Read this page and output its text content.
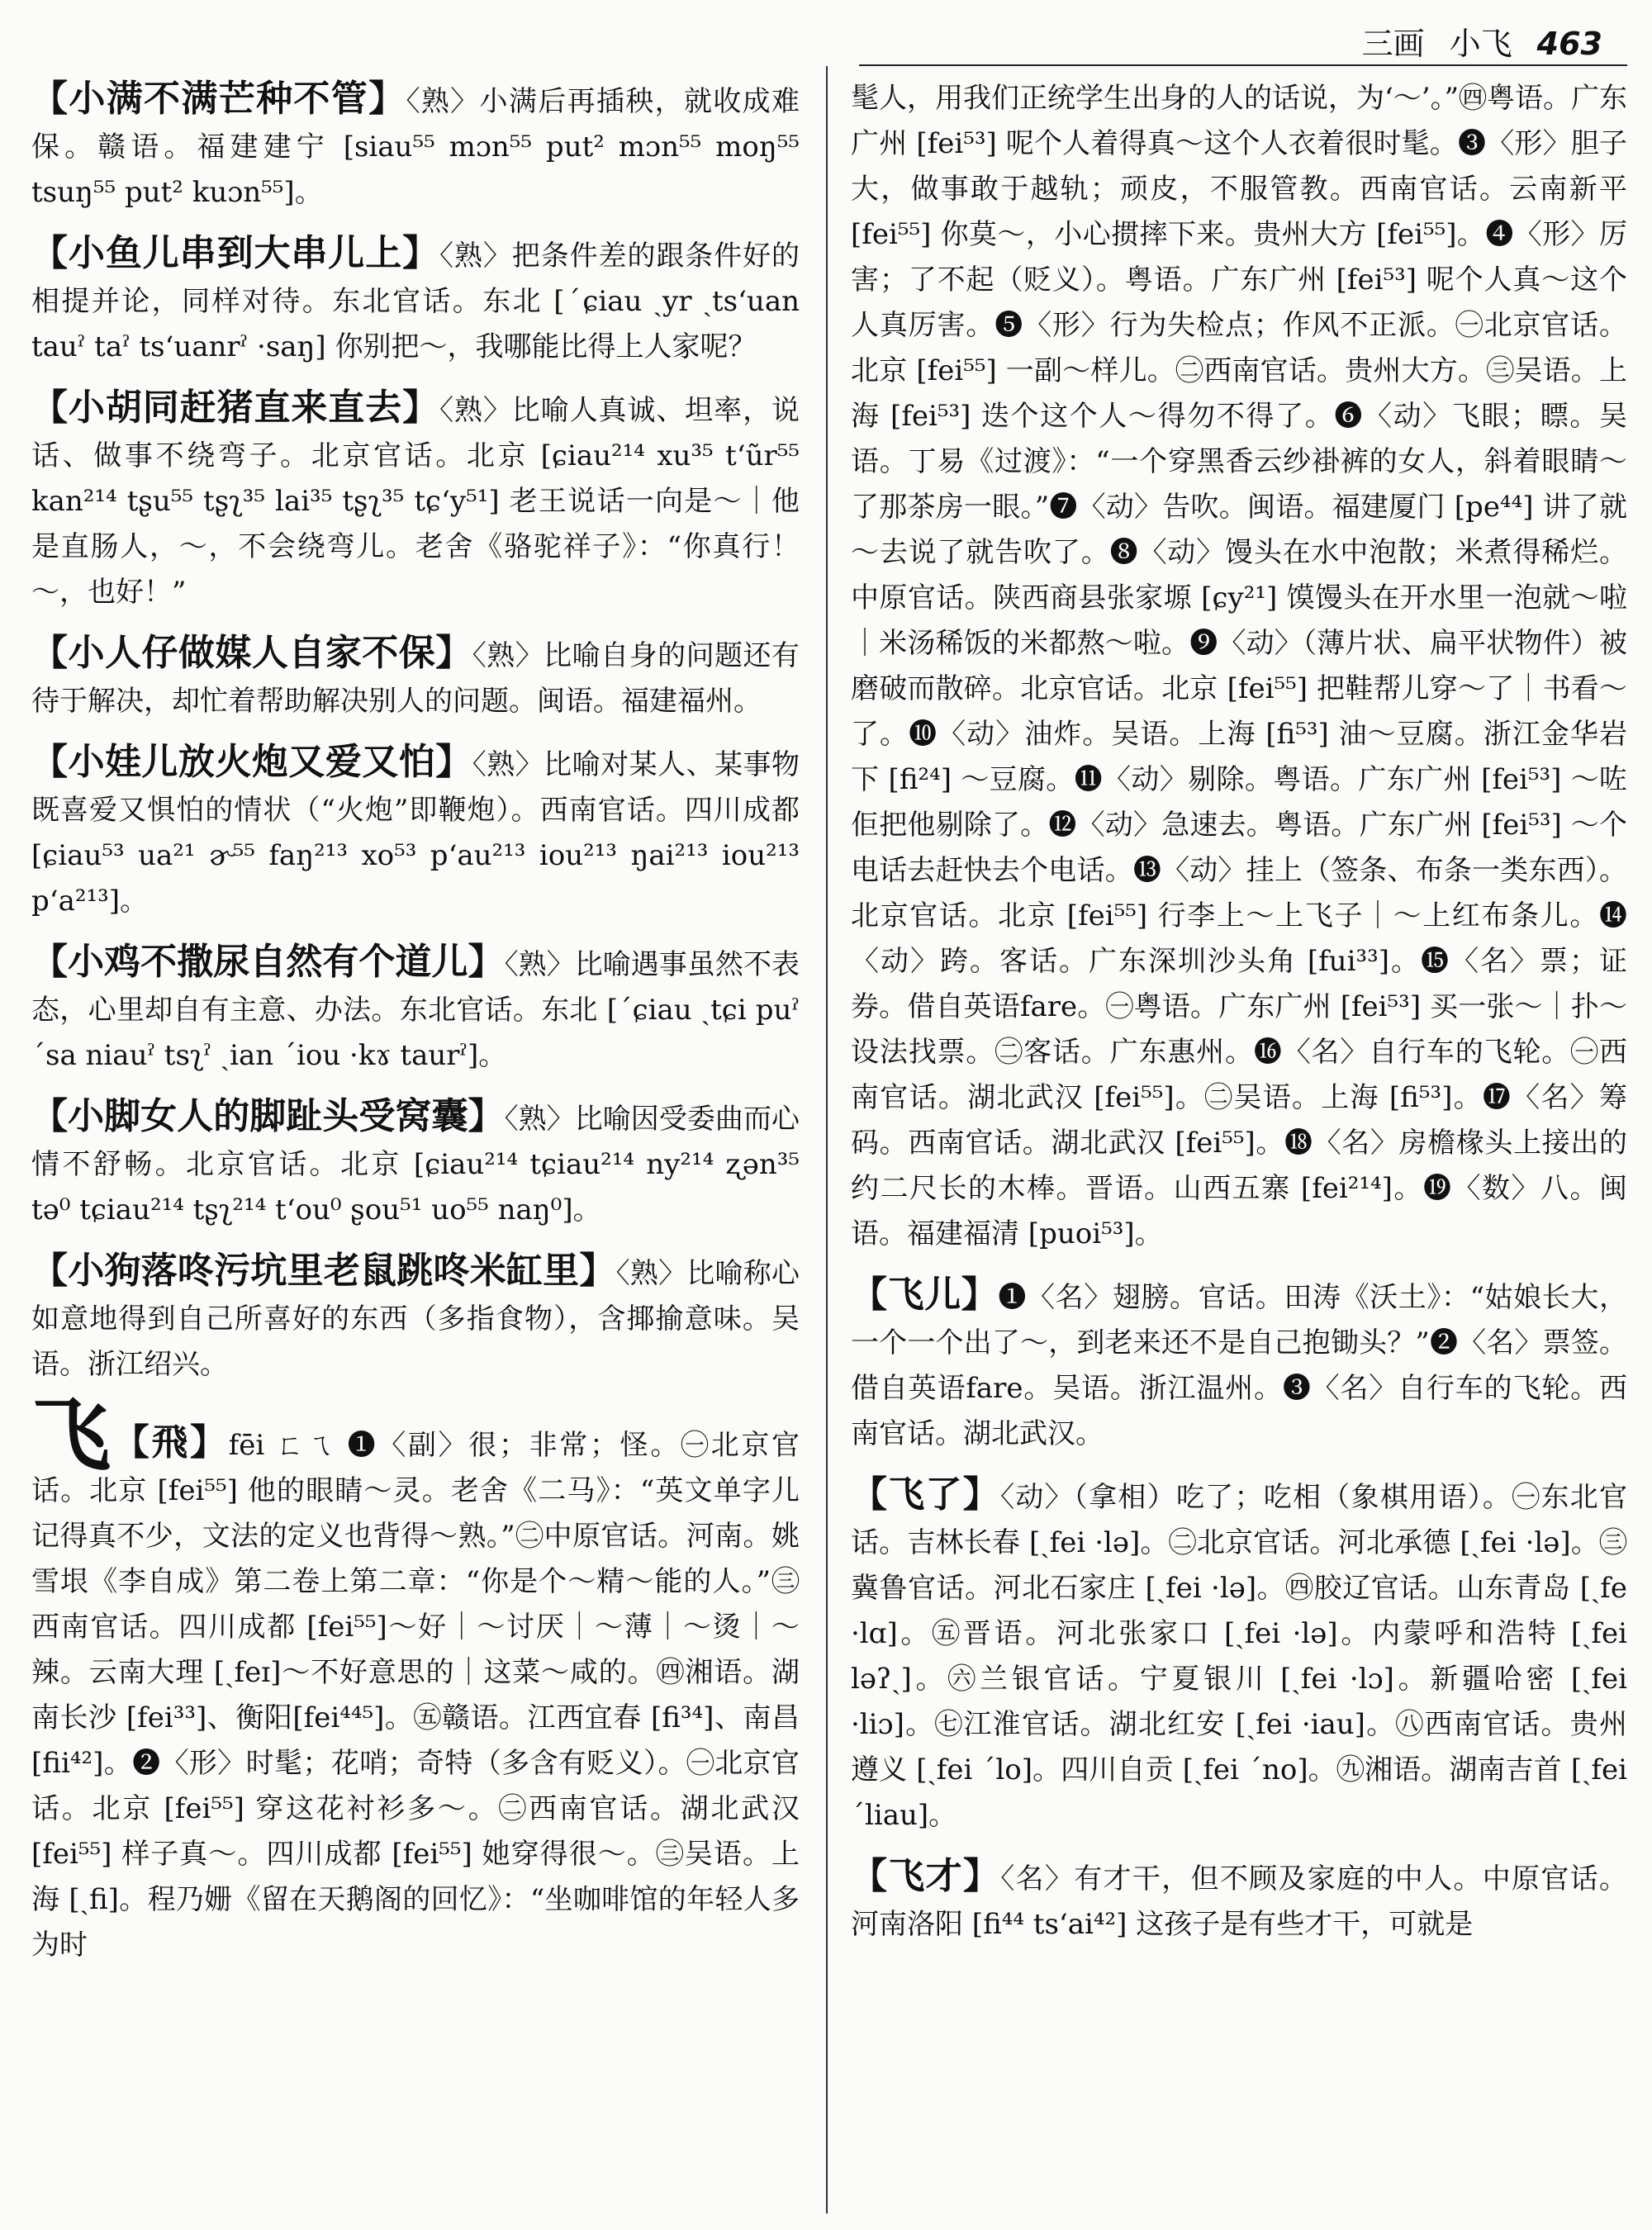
三画 小飞 463

【小满不满芒种不管】〈熟〉小满后再插秧，就收成难保。赣语。福建建宁 [siau⁵⁵ mɔn⁵⁵ put² mɔn⁵⁵ moŋ⁵⁵ tsuŋ⁵⁵ put² kuɔn⁵⁵]。

【小鱼儿串到大串儿上】〈熟〉把条件差的跟条件好的相提并论，同样对待。东北官话。东北 [ˊɕiau ˏyr ˏts‘uan tauˀ taˀ ts‘uanrˀ ·saŋ] 你别把～，我哪能比得上人家呢？

【小胡同赶猪直来直去】〈熟〉比喻人真诚、坦率，说话、做事不绕弯子。北京官话。北京 [ɕiau²¹⁴ xu³⁵ t‘ũr⁵⁵ kan²¹⁴ tʂu⁵⁵ tʂʅ³⁵ lai³⁵ tʂʅ³⁵ tɕ‘y⁵¹] 老王说话一向是～｜他是直肠人，～，不会绕弯儿。老舍《骆驼祥子》：“你真行！～，也好！”

【小人仔做媒人自家不保】〈熟〉比喻自身的问题还有待于解决，却忙着帮助解决别人的问题。闽语。福建福州。

【小娃儿放火炮又爱又怕】〈熟〉比喻对某人、某事物既喜爱又惧怕的情状（“火炮”即鞭炮）。西南官话。四川成都 [ɕiau⁵³ ua²¹ ɚ⁵⁵ faŋ²¹³ xo⁵³ p‘au²¹³ iou²¹³ ŋai²¹³ iou²¹³ p‘a²¹³]。

【小鸡不撒尿自然有个道儿】〈熟〉比喻遇事虽然不表态，心里却自有主意、办法。东北官话。东北 [ˊɕiau ˏtɕi puˀ ˊsa niauˀ tsʅˀ ˏian ˊiou ·kɤ taurˀ]。

【小脚女人的脚趾头受窝囊】〈熟〉比喻因受委曲而心情不舒畅。北京官话。北京 [ɕiau²¹⁴ tɕiau²¹⁴ ny²¹⁴ ʐən³⁵ tə⁰ tɕiau²¹⁴ tʂʅ²¹⁴ t‘ou⁰ ʂou⁵¹ uo⁵⁵ naŋ⁰]。

【小狗落咚污坑里老鼠跳咚米缸里】〈熟〉比喻称心如意地得到自己所喜好的东西（多指食物），含揶揄意味。吴语。浙江绍兴。

飞【飛】fēi ㄈㄟ ❶〈副〉很；非常；怪。㊀北京官话。北京 [fei⁵⁵] 他的眼睛～灵。老舍《二马》：“英文单字儿记得真不少，文法的定义也背得～熟。”㊁中原官话。河南。姚雪垠《李自成》第二卷上第二章：“你是个～精～能的人。”㊂西南官话。四川成都 [fei⁵⁵]～好｜～讨厌｜～薄｜～烫｜～辣。云南大理 [ˏfeɪ]～不好意思的｜这菜～咸的。㊃湘语。湖南长沙 [fei³³]、衡阳[fei⁴⁴⁵]。㊄赣语。江西宜春 [fi³⁴]、南昌 [fii⁴²]。❷〈形〉时髦；花哨；奇特（多含有贬义）。㊀北京官话。北京 [fei⁵⁵] 穿这花衬衫多～。㊁西南官话。湖北武汉 [fei⁵⁵] 样子真～。四川成都 [fei⁵⁵] 她穿得很～。㊂吴语。上海 [ˏfi]。程乃姗《留在天鹅阁的回忆》：“坐咖啡馆的年轻人多为时

髦人，用我们正统学生出身的人的话说，为‘～’。”㊃粤语。广东广州 [fei⁵³] 呢个人着得真～这个人衣着很时髦。❸〈形〉胆子大，做事敢于越轨；顽皮，不服管教。西南官话。云南新平 [fei⁵⁵] 你莫～，小心掼摔下来。贵州大方 [fei⁵⁵]。❹〈形〉厉害；了不起（贬义）。粤语。广东广州 [fei⁵³] 呢个人真～这个人真厉害。❺〈形〉行为失检点；作风不正派。㊀北京官话。北京 [fei⁵⁵] 一副～样儿。㊁西南官话。贵州大方。㊂吴语。上海 [fei⁵³] 迭个这个人～得勿不得了。❻〈动〉飞眼；瞟。吴语。丁易《过渡》：“一个穿黑香云纱褂裤的女人，斜着眼睛～了那茶房一眼。”❼〈动〉告吹。闽语。福建厦门 [pe⁴⁴] 讲了就～去说了就告吹了。❽〈动〉馒头在水中泡散；米煮得稀烂。中原官话。陕西商县张家塬 [ɕy²¹] 馍馒头在开水里一泡就～啦｜米汤稀饭的米都熬～啦。❾〈动〉（薄片状、扁平状物件）被磨破而散碎。北京官话。北京 [fei⁵⁵] 把鞋帮儿穿～了｜书看～了。❿〈动〉油炸。吴语。上海 [fi⁵³] 油～豆腐。浙江金华岩下 [fi²⁴] ～豆腐。⓫〈动〉剔除。粤语。广东广州 [fei⁵³] ～咗佢把他剔除了。⓬〈动〉急速去。粤语。广东广州 [fei⁵³] ～个电话去赶快去个电话。⓭〈动〉挂上（签条、布条一类东西）。北京官话。北京 [fei⁵⁵] 行李上～上飞子｜～上红布条儿。⓮〈动〉跨。客话。广东深圳沙头角 [fui³³]。⓯〈名〉票；证券。借自英语fare。㊀粤语。广东广州 [fei⁵³] 买一张～｜扑～设法找票。㊁客话。广东惠州。⓰〈名〉自行车的飞轮。㊀西南官话。湖北武汉 [fei⁵⁵]。㊁吴语。上海 [fi⁵³]。⓱〈名〉筹码。西南官话。湖北武汉 [fei⁵⁵]。⓲〈名〉房檐椽头上接出的约二尺长的木棒。晋语。山西五寨 [fei²¹⁴]。⓳〈数〉八。闽语。福建福清 [puoi⁵³]。

【飞儿】❶〈名〉翅膀。官话。田涛《沃土》：“姑娘长大，一个一个出了～，到老来还不是自己抱锄头？”❷〈名〉票签。借自英语fare。吴语。浙江温州。❸〈名〉自行车的飞轮。西南官话。湖北武汉。

【飞了】〈动〉（拿相）吃了；吃相（象棋用语）。㊀东北官话。吉林长春 [ˏfei ·lə]。㊁北京官话。河北承德 [ˏfei ·lə]。㊂冀鲁官话。河北石家庄 [ˏfei ·lə]。㊃胶辽官话。山东青岛 [ˏfe ·lɑ]。㊄晋语。河北张家口 [ˏfei ·lə]。内蒙呼和浩特 [ˏfei ləʔˏ]。㊅兰银官话。宁夏银川 [ˏfei ·lɔ]。新疆哈密 [ˏfei ·liɔ]。㊆江淮官话。湖北红安 [ˏfei ·iau]。㊇西南官话。贵州遵义 [ˏfei ˊlo]。四川自贡 [ˏfei ˊno]。㊈湘语。湖南吉首 [ˏfei ˊliau]。

【飞才】〈名〉有才干，但不顾及家庭的中人。中原官话。河南洛阳 [fi⁴⁴ ts‘ai⁴²] 这孩子是有些才干，可就是
